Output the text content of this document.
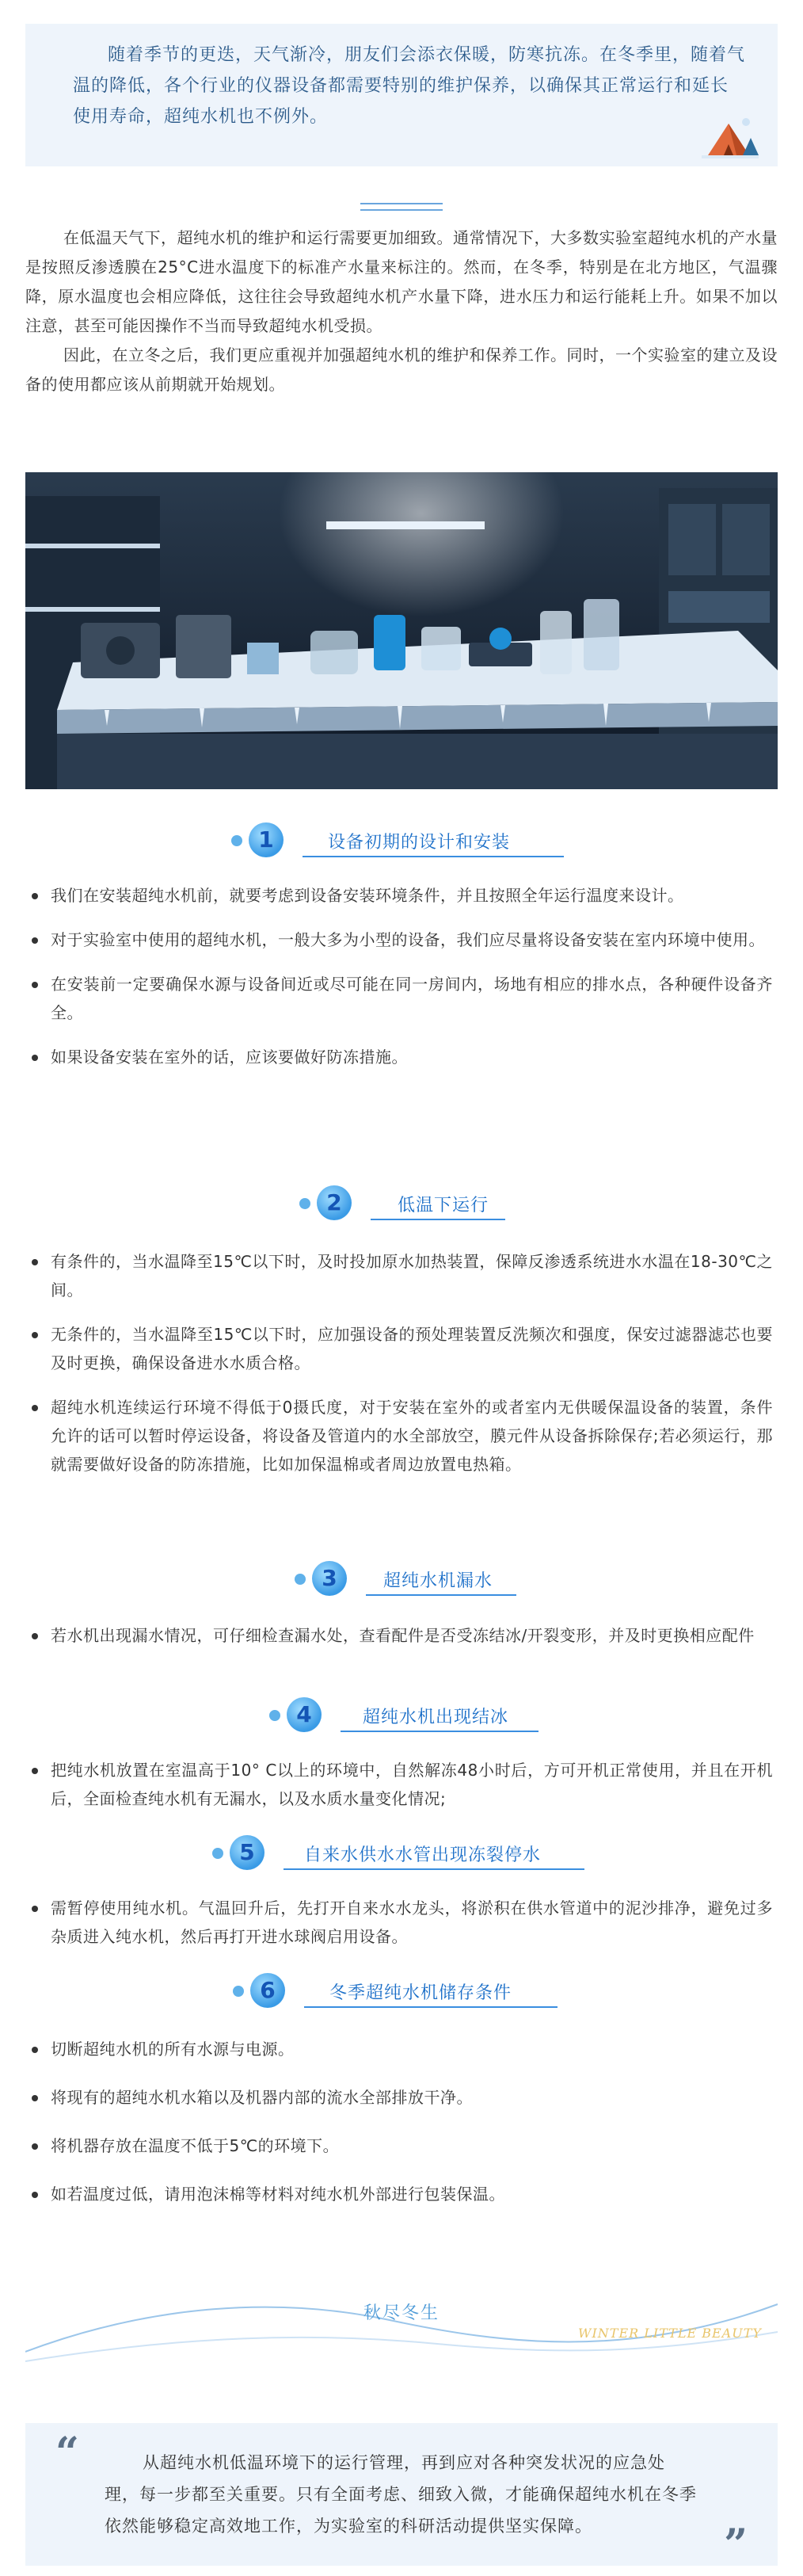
随着季节的更迭，天气渐冷，朋友们会添衣保暖，防寒抗冻。在冬季里，随着气温的降低，各个行业的仪器设备都需要特别的维护保养，以确保其正常运行和延长使用寿命，超纯水机也不例外。

在低温天气下，超纯水机的维护和运行需要更加细致。通常情况下，大多数实验室超纯水机的产水量是按照反渗透膜在25°C进水温度下的标准产水量来标注的。然而，在冬季，特别是在北方地区，气温骤降，原水温度也会相应降低，这往往会导致超纯水机产水量下降，进水压力和运行能耗上升。如果不加以注意，甚至可能因操作不当而导致超纯水机受损。

因此，在立冬之后，我们更应重视并加强超纯水机的维护和保养工作。同时，一个实验室的建立及设备的使用都应该从前期就开始规划。

1	设备初期的设计和安装
我们在安装超纯水机前，就要考虑到设备安装环境条件，并且按照全年运行温度来设计。
对于实验室中使用的超纯水机，一般大多为小型的设备，我们应尽量将设备安装在室内环境中使用。
在安装前一定要确保水源与设备间近或尽可能在同一房间内，场地有相应的排水点，各种硬件设备齐全。
如果设备安装在室外的话，应该要做好防冻措施。
2	低温下运行
有条件的，当水温降至15℃以下时，及时投加原水加热装置，保障反渗透系统进水水温在18-30℃之间。
无条件的，当水温降至15℃以下时，应加强设备的预处理装置反洗频次和强度，保安过滤器滤芯也要及时更换，确保设备进水水质合格。
超纯水机连续运行环境不得低于0摄氏度，对于安装在室外的或者室内无供暖保温设备的装置，条件允许的话可以暂时停运设备，将设备及管道内的水全部放空，膜元件从设备拆除保存;若必须运行，那就需要做好设备的防冻措施，比如加保温棉或者周边放置电热箱。
3	超纯水机漏水
若水机出现漏水情况，可仔细检查漏水处，查看配件是否受冻结冰/开裂变形，并及时更换相应配件
4	超纯水机出现结冰
把纯水机放置在室温高于10° C以上的环境中，自然解冻48小时后，方可开机正常使用，并且在开机后，全面检查纯水机有无漏水，以及水质水量变化情况;
5	自来水供水水管出现冻裂停水
需暂停使用纯水机。气温回升后，先打开自来水水龙头，将淤积在供水管道中的泥沙排净，避免过多杂质进入纯水机，然后再打开进水球阀启用设备。
6	冬季超纯水机储存条件
切断超纯水机的所有水源与电源。
将现有的超纯水机水箱以及机器内部的流水全部排放干净。
将机器存放在温度不低于5℃的环境下。
如若温度过低，请用泡沫棉等材料对纯水机外部进行包装保温。
秋尽冬生
WINTER LITTLE BEAUTY
“	从超纯水机低温环境下的运行管理，再到应对各种突发状况的应急处理，每一步都至关重要。只有全面考虑、细致入微，才能确保超纯水机在冬季依然能够稳定高效地工作，为实验室的科研活动提供坚实保障。	”
